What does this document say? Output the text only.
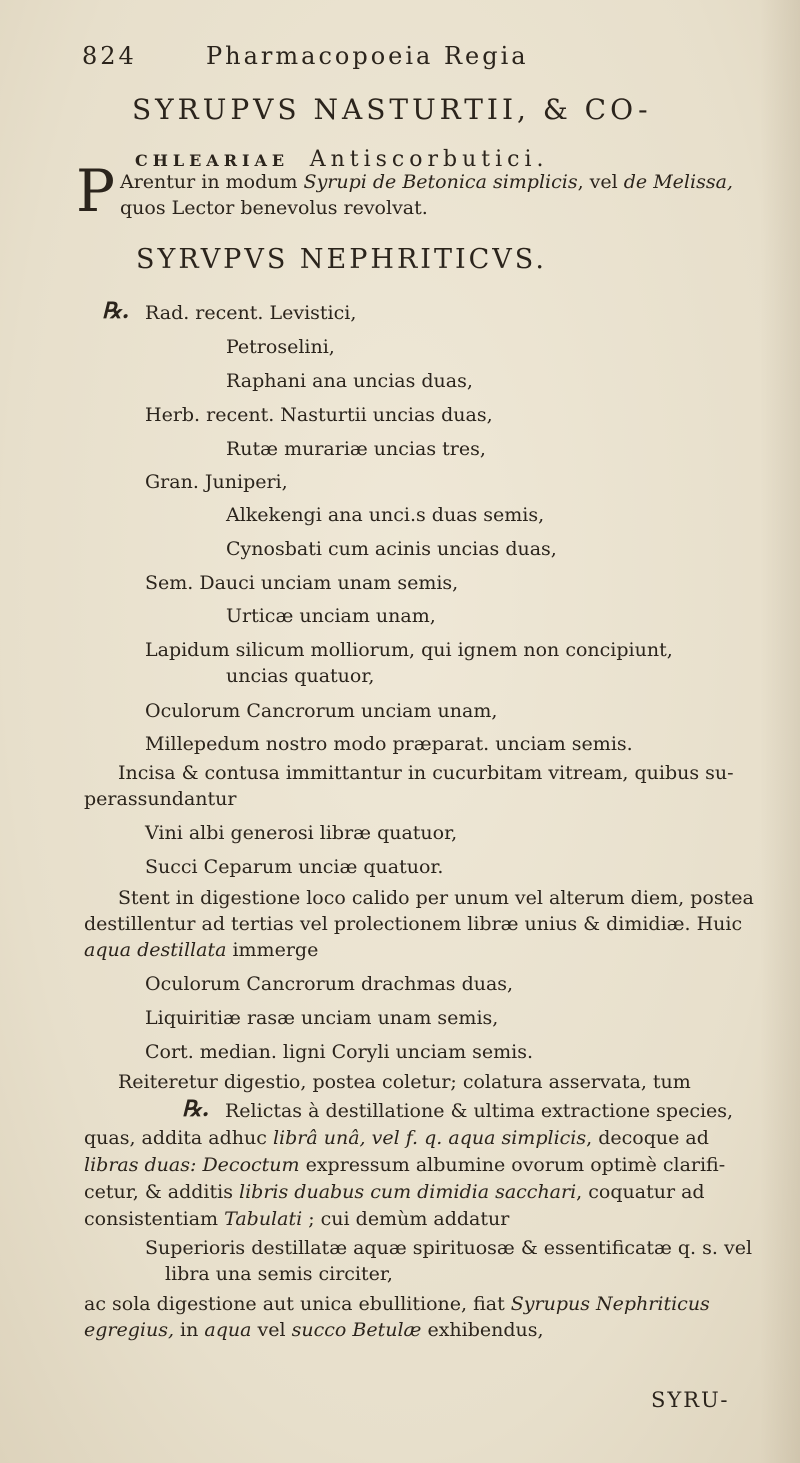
824	Pharmacopoeia Regia
SYRUPVS NASTURTII, & CO-
CHLEARIAE Antiscorbutici.
P Arentur in modum Syrupi de Betonica simplicis, vel de Melissa,
quos Lector benevolus revolvat.
SYRVPVS NEPHRITICVS.
℞. Rad. recent. Levistici,
Petroselini,
Raphani ana uncias duas,
Herb. recent. Nasturtii uncias duas,
Rutæ murariæ uncias tres,
Gran. Juniperi,
Alkekengi ana unci.s duas semis,
Cynosbati cum acinis uncias duas,
Sem. Dauci unciam unam semis,
Urticæ unciam unam,
Lapidum silicum molliorum, qui ignem non concipiunt,
uncias quatuor,
Oculorum Cancrorum unciam unam,
Millepedum nostro modo præparat. unciam semis.
Incisa & contusa immittantur in cucurbitam vitream, quibus su-
perassundantur
Vini albi generosi libræ quatuor,
Succi Ceparum unciæ quatuor.
Stent in digestione loco calido per unum vel alterum diem, postea
destillentur ad tertias vel prolectionem libræ unius & dimidiæ. Huic
aqua destillata immerge
Oculorum Cancrorum drachmas duas,
Liquiritiæ rasæ unciam unam semis,
Cort. median. ligni Coryli unciam semis.
Reiteretur digestio, postea coletur; colatura asservata, tum
℞. Relictas à destillatione & ultima extractione species,
quas, addita adhuc librâ unâ, vel f. q. aqua simplicis, decoque ad
libras duas: Decoctum expressum albumine ovorum optimè clarifi-
cetur, & additis libris duabus cum dimidia sacchari, coquatur ad
consistentiam Tabulati ; cui demùm addatur
Superioris destillatæ aquæ spirituosæ & essentificatæ q. s. vel
libra una semis circiter,
ac sola digestione aut unica ebullitione, fiat Syrupus Nephriticus
egregius, in aqua vel succo Betulæ exhibendus,
SYRU-
